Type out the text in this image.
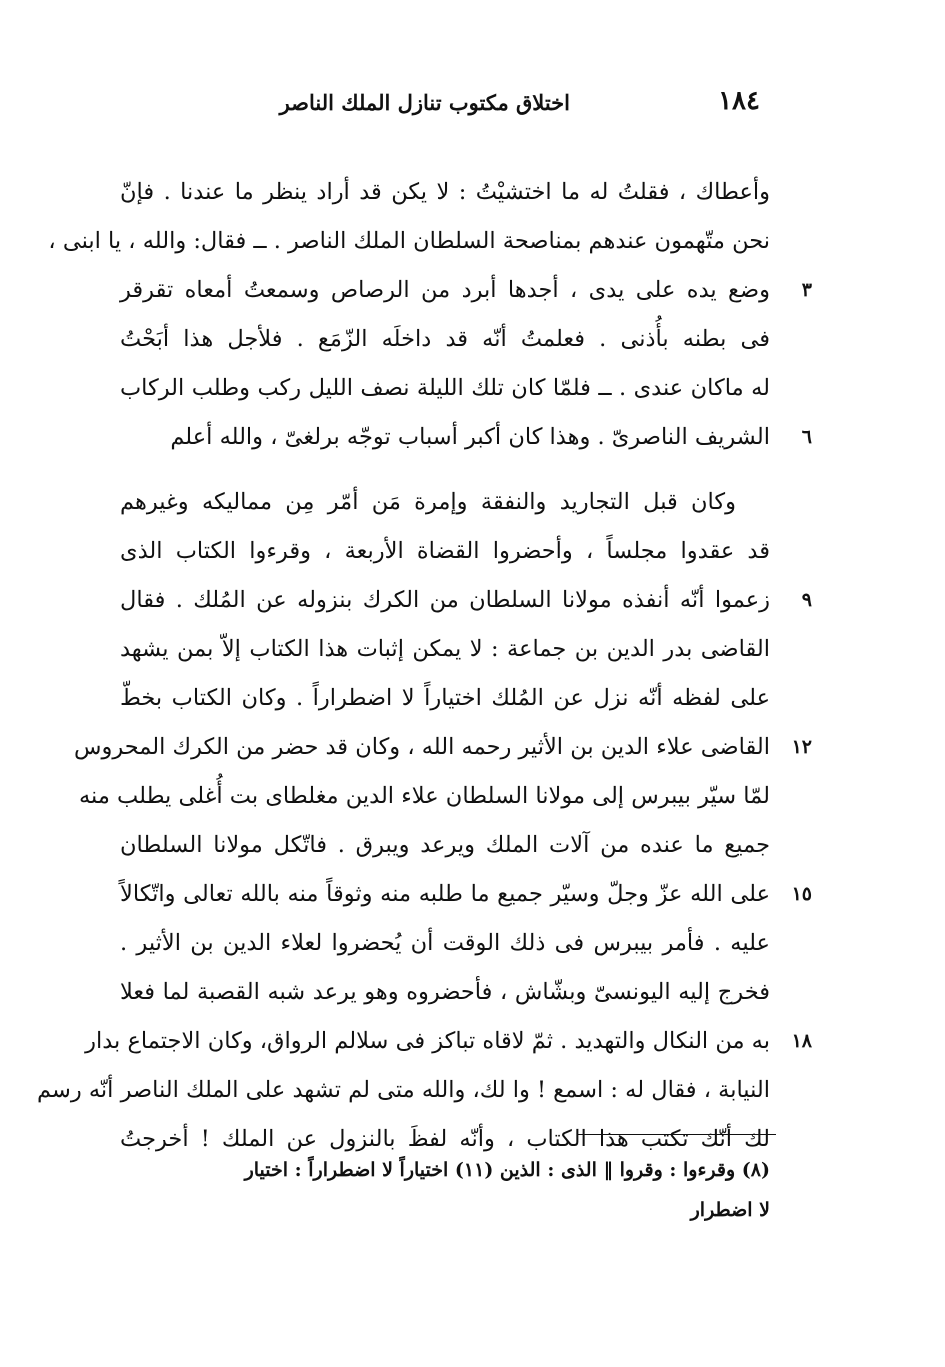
١٨٤
اختلاق مكتوب تنازل الملك الناصر
وأعطاك ، فقلتُ له ما اختشيْتُ : لا يكن قد أراد ينظر ما عندنا . فإنّ
نحن متّهمون عندهم بمناصحة السلطان الملك الناصر . ــ فقال: والله ، يا ابنى ،
وضع يده على يدى ، أجدها أبرد من الرصاص وسمعتُ أمعاه تقرقر	٣
فى بطنه بأُذنى . فعلمتُ أنّه قد داخلَه الزّمَع . فلأجل هذا أبَحْتُ
له ماكان عندى . ــ فلمّا كان تلك الليلة نصف الليل ركب وطلب الركاب
الشريف الناصرىّ . وهذا كان أكبر أسباب توجّه برلغىّ ، والله أعلم	٦
وكان قبل التجاريد والنفقة وإمرة مَن أمّر مِن مماليكه وغيرهم
قد عقدوا مجلساً ، وأحضروا القضاة الأربعة ، وقرءوا الكتاب الذى
زعموا أنّه أنفذه مولانا السلطان من الكرك بنزوله عن المُلك . فقال	٩
القاضى بدر الدين بن جماعة : لا يمكن إثبات هذا الكتاب إلاّ بمن يشهد
على لفظه أنّه نزل عن المُلك اختياراً لا اضطراراً . وكان الكتاب بخطّ
القاضى علاء الدين بن الأثير رحمه الله ، وكان قد حضر من الكرك المحروس	١٢
لمّا سيّر بيبرس إلى مولانا السلطان علاء الدين مغلطاى بت أُغلى يطلب منه
جميع ما عنده من آلات الملك ويرعد ويبرق . فاتّكل مولانا السلطان
على الله عزّ وجلّ وسيّر جميع ما طلبه منه وثوقاً منه بالله تعالى واتّكالاً	١٥
عليه . فأمر بيبرس فى ذلك الوقت أن يُحضروا لعلاء الدين بن الأثير .
فخرج إليه اليونسىّ وبشّاش ، فأحضروه وهو يرعد شبه القصبة لما فعلا
به من النكال والتهديد . ثمّ لاقاه تباكز فى سلالم الرواق، وكان الاجتماع بدار	١٨
النيابة ، فقال له : اسمع ! وا لك، والله متى لم تشهد على الملك الناصر أنّه رسم
لك أنّك تكتب هذا الكتاب ، وأنّه لفظَ بالنزول عن الملك ! أخرجتُ
(٨) وقرءوا : وقروا ‖ الذى : الذين (١١) اختياراً لا اضطراراً : اختيار
لا اضطرار
